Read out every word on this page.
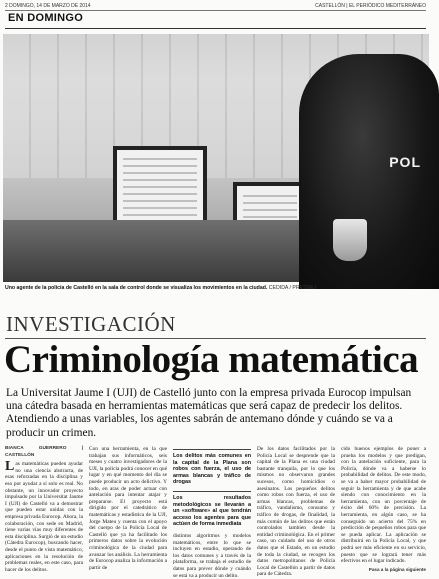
2 DOMINGO, 14 DE MARZO DE 2014	CASTELLÓN | EL PERIÓDICO MEDITERRÁNEO
EN DOMINGO
POL
Uno agente de la policía de Castelló en la sala de control donde se visualiza los movimientos en la ciudad. CEDIDA / PRESSEJ
INVESTIGACIÓN
Criminología matemática
La Universitat Jaume I (UJI) de Castelló junto con la empresa privada Eurocop impulsan una cátedra basada en herramientas matemáticas que será capaz de predecir los delitos. Atendiendo a unas variables, los agentes sabrán de antemano dónde y cuándo se va a producir un crimen.
BIANCA GUERRERO | CASTELLÓN
L as matemáticas pueden ayudar no una ciencia abstracta, de esas reforzadas en la disciplina y eso por ayudar a sí solo es real. No obstante, un innovador proyecto impulsado por la Universitat Jaume I (UJI) de Castelló va a demostrar que pueden estar unidas con la empresa privada Eurocop. Ahora, la colaboración, con sede en Madrid, tiene varias vías muy diferentes de esta disciplina. Surgió de un estudio (Cátedra Eurocop), buscando hacer, desde el punto de vista matemático, aplicaciones en la resolución de problemas reales, en este caso, para hacer de los delitos.
Con una herramienta, en la que trabajan sus informáticos, seis meses y cuatro investigadores de la UJI, la policía podrá conocer en qué lugar y en qué momento del día se puede producir un acto delictivo. Y todo, en aras de poder actuar con antelación para intentar atajar y prepararse. El proyecto está dirigido por el catedrático de matemáticas y estadística de la UJI, Jorge Mateu y cuenta con el apoyo del cuerpo de la Policía Local de Castelló que ya ha facilitado los primeros datos sobre la evolución criminológica de la ciudad para avanzar los análisis. La herramienta de Eurocop analiza la información a partir de
Los delitos más comunes en la capital de la Plana son robos con fuerza, el uso de armas blancas y tráfico de drogas
Los resultados metodológicos se llevarán a un «software» al que tendrán acceso los agentes para que actúen de forma inmediata
distintos algoritmos y modelos matemáticos, entre lo que se incluyen en estadio, operando de los datos comunes y a través de la plataforma, se trabaja el estudio de datos para prever dónde y cuándo se está va a producir un delito.
De los datos facilitados por la Policía Local se desprende que la capital de la Plana es una ciudad bastante tranquila, por lo que los mismos no observaron grandes sucesos, como homicidios o asesinatos. Los pequeños delitos como robos con fuerza, el uso de armas blancas, problemas de tráfico, vandalismo, consumo y tráfico de drogas, de finalidad, la más común de las delitos que están controlados tambien desde la entidad criminológica. En el primer caso, un cuidado del uso de otros datos que el Estado, en un estudio de toda la ciudad, se recogen los datos metropolitanos de Policía Local de Castellón a partir de datos para de Cátedra.
cido buenos ejemplos de poner a prueba los modelos y que predigan, con la antelación suficiente, para la Policía, dónde va a haberse lo probabilidad de delitos. De este modo, se va a haber mayor probabilidad de seguir la herramienta y de que acabe siendo con conocimiento en la herramienta, con un porcentaje de éxito del 60% de precisión. La herramienta, en algún caso, se ha conseguido un acierto del 75% en predicción de pequeños robos para que se pueda aplicar. La aplicación se distribuirá en la Policía Local, y que podrá ser más eficiente en su servicio, puesto que se logrará tener más efectivos en el lugar indicado.
Pasa a la página siguiente
